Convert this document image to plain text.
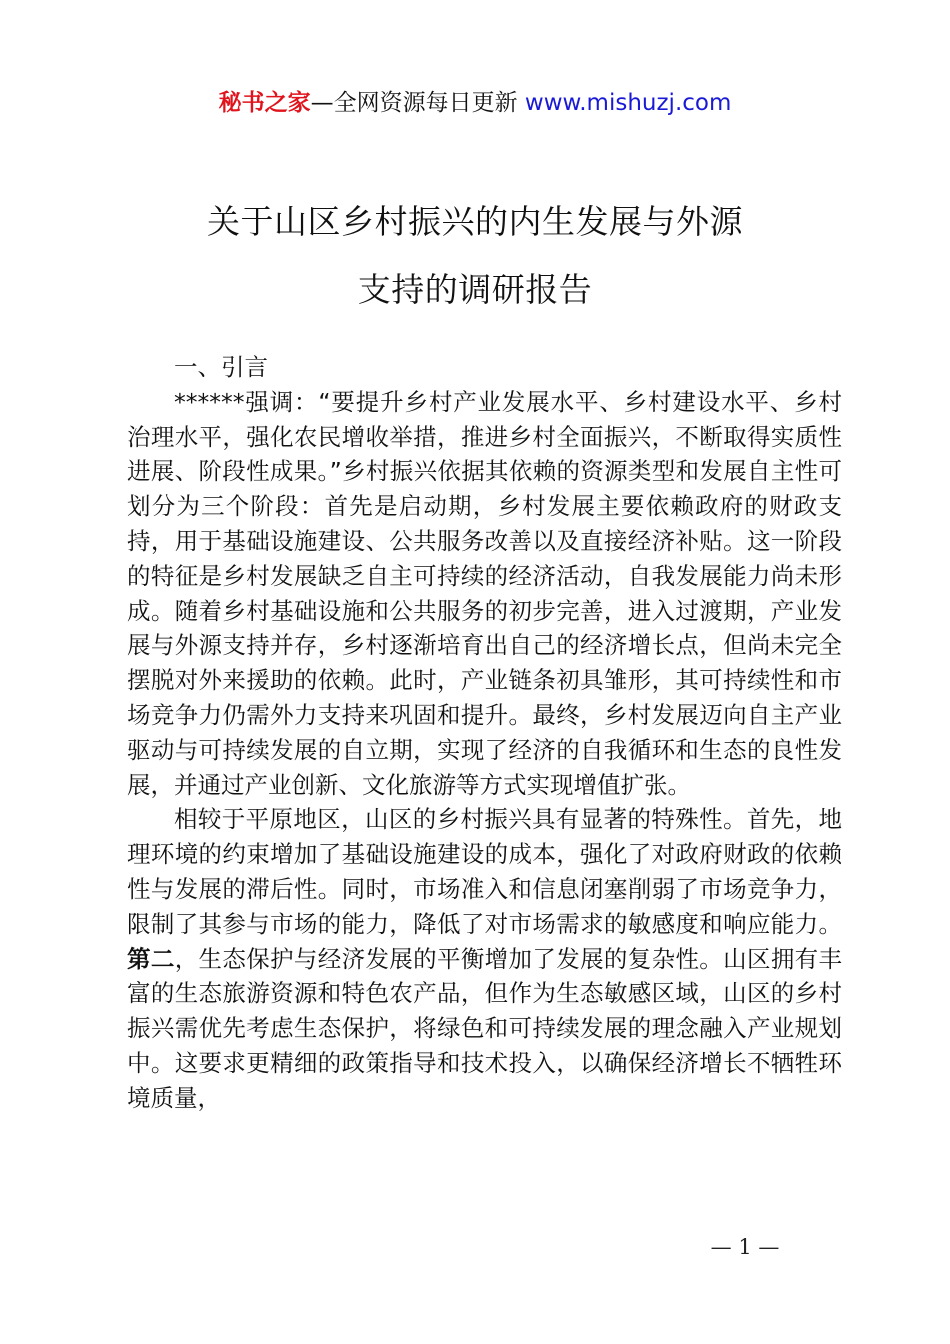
秘书之家—全网资源每日更新 www.mishuzj.com
关于山区乡村振兴的内生发展与外源
支持的调研报告

一、引言

******强调：“要提升乡村产业发展水平、乡村建设水平、乡村治理水平，强化农民增收举措，推进乡村全面振兴，不断取得实质性进展、阶段性成果。”乡村振兴依据其依赖的资源类型和发展自主性可划分为三个阶段：首先是启动期，乡村发展主要依赖政府的财政支持，用于基础设施建设、公共服务改善以及直接经济补贴。这一阶段的特征是乡村发展缺乏自主可持续的经济活动，自我发展能力尚未形成。随着乡村基础设施和公共服务的初步完善，进入过渡期，产业发展与外源支持并存，乡村逐渐培育出自己的经济增长点，但尚未完全摆脱对外来援助的依赖。此时，产业链条初具雏形，其可持续性和市场竞争力仍需外力支持来巩固和提升。最终，乡村发展迈向自主产业驱动与可持续发展的自立期，实现了经济的自我循环和生态的良性发展，并通过产业创新、文化旅游等方式实现增值扩张。

相较于平原地区，山区的乡村振兴具有显著的特殊性。首先，地理环境的约束增加了基础设施建设的成本，强化了对政府财政的依赖性与发展的滞后性。同时，市场准入和信息闭塞削弱了市场竞争力，限制了其参与市场的能力，降低了对市场需求的敏感度和响应能力。第二，生态保护与经济发展的平衡增加了发展的复杂性。山区拥有丰富的生态旅游资源和特色农产品，但作为生态敏感区域，山区的乡村振兴需优先考虑生态保护，将绿色和可持续发展的理念融入产业规划中。这要求更精细的政策指导和技术投入，以确保经济增长不牺牲环境质量，

— 1 —
